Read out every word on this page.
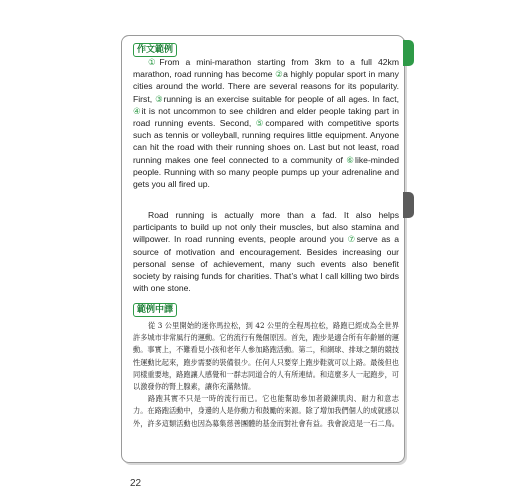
作文範例

①From a mini-marathon starting from 3km to a full 42km marathon, road running has become ②a highly popular sport in many cities around the world. There are several reasons for its popularity. First, ③running is an exercise suitable for people of all ages. In fact, ④it is not uncommon to see children and elder people taking part in road running events. Second, ⑤compared with competitive sports such as tennis or volleyball, running requires little equipment. Anyone can hit the road with their running shoes on. Last but not least, road running makes one feel connected to a community of ⑥like-minded people. Running with so many people pumps up your adrenaline and gets you all fired up.

Road running is actually more than a fad. It also helps participants to build up not only their muscles, but also stamina and willpower. In road running events, people around you ⑦serve as a source of motivation and encouragement. Besides increasing our personal sense of achievement, many such events also benefit society by raising funds for charities. That’s what I call killing two birds with one stone.

範例中譯

從 3 公里開始的迷你馬拉松，到 42 公里的全程馬拉松，路跑已經成為全世界許多城市非常風行的運動。它的流行有幾個原因。首先，跑步是適合所有年齡層的運動。事實上，不難看見小孩和老年人參加路跑活動。第二，和網球、排球之類的競技性運動比起來，跑步需要的裝備很少。任何人只要穿上跑步鞋就可以上路。最後但也同樣重要地，路跑讓人感覺和一群志同道合的人有所連結。和這麼多人一起跑步，可以激發你的腎上腺素，讓你充滿熱情。

路跑其實不只是一時的流行而已。它也能幫助參加者鍛鍊肌肉、耐力和意志力。在路跑活動中，身邊的人是你動力和鼓勵的來源。除了增加我們個人的成就感以外，許多這類活動也因為募集慈善團體的基金而對社會有益。我會說這是一石二鳥。

22
